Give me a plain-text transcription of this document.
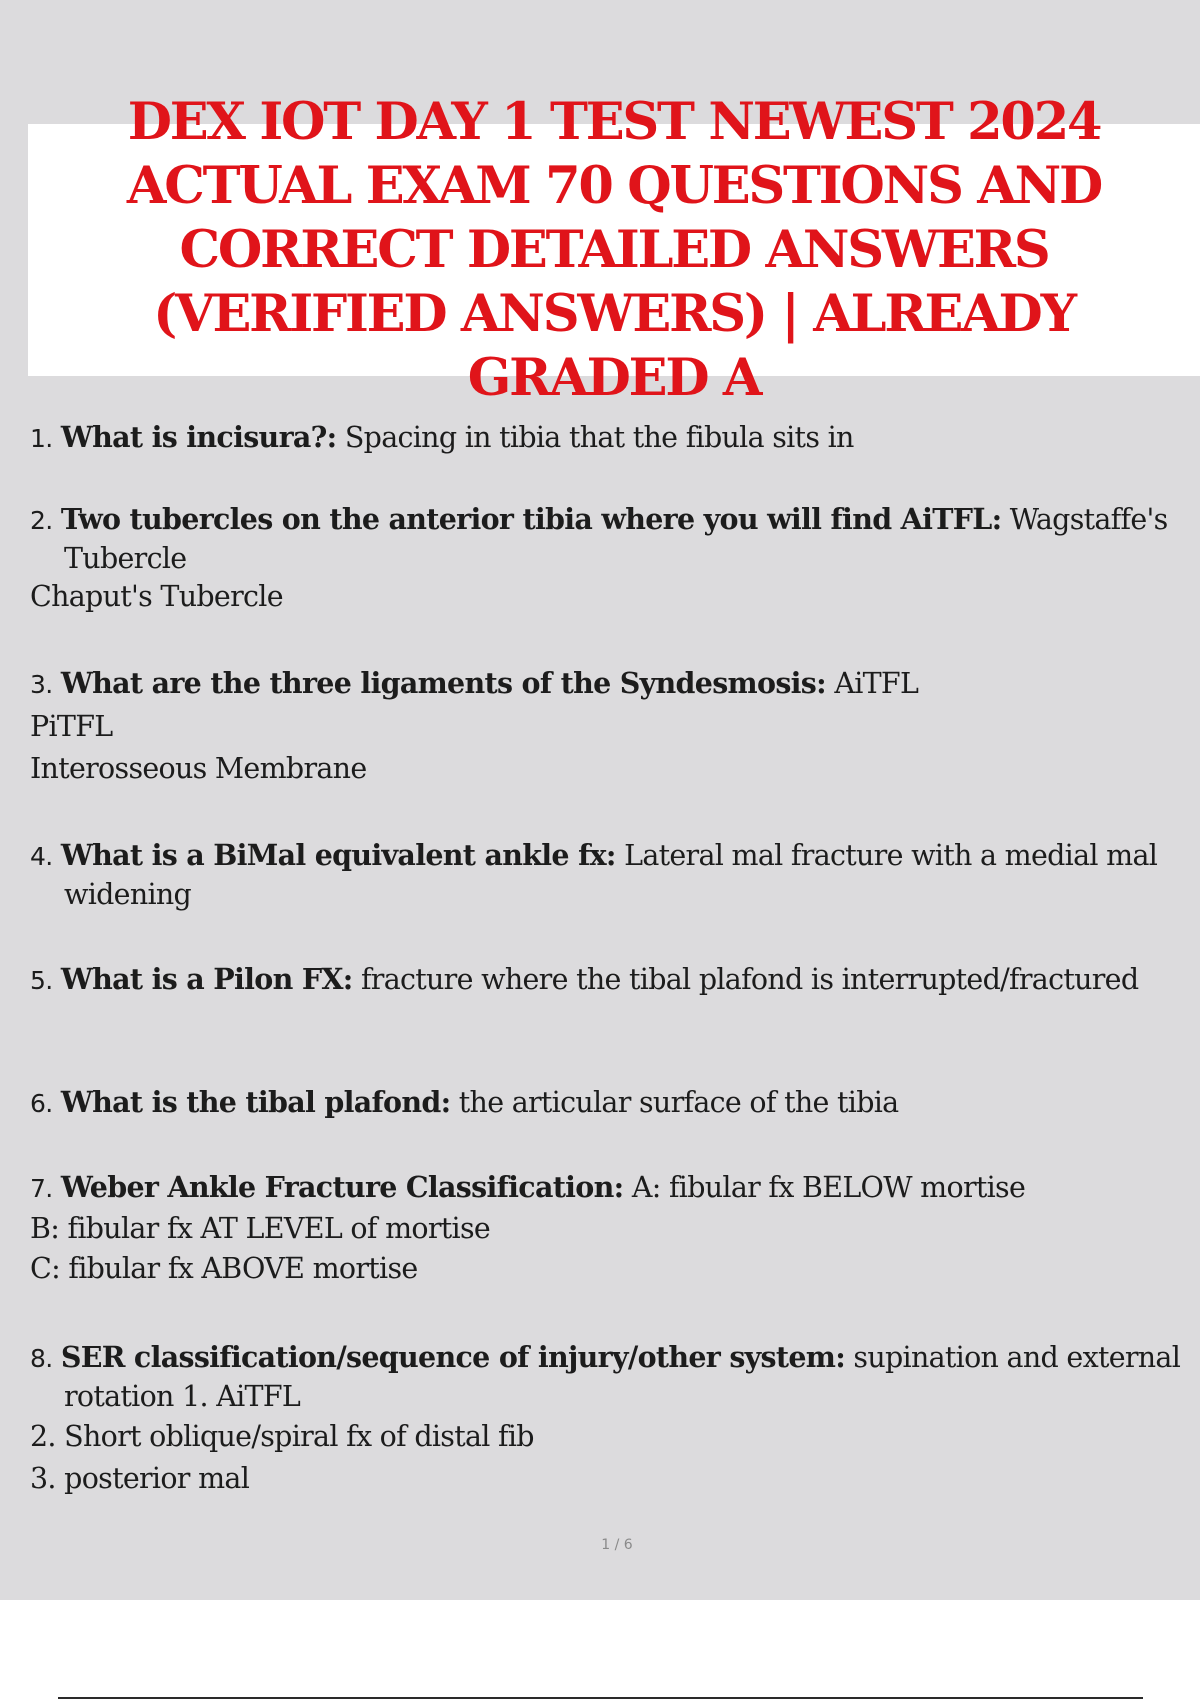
DEX IOT DAY 1 TEST NEWEST 2024 ACTUAL EXAM 70 QUESTIONS AND CORRECT DETAILED ANSWERS (VERIFIED ANSWERS) | ALREADY GRADED A
1. What is incisura?: Spacing in tibia that the fibula sits in
2. Two tubercles on the anterior tibia where you will find AiTFL: Wagstaffe's Tubercle

Chaput's Tubercle

3. What are the three ligaments of the Syndesmosis: AiTFL

PiTFL

Interosseous Membrane

4. What is a BiMal equivalent ankle fx: Lateral mal fracture with a medial mal widening
5. What is a Pilon FX: fracture where the tibal plafond is interrupted/fractured
6. What is the tibal plafond: the articular surface of the tibia
7. Weber Ankle Fracture Classification: A: fibular fx BELOW mortise

B: fibular fx AT LEVEL of mortise

C: fibular fx ABOVE mortise

8. SER classification/sequence of injury/other system: supination and external rotation 1. AiTFL

2. Short oblique/spiral fx of distal fib

3. posterior mal

1 / 6
